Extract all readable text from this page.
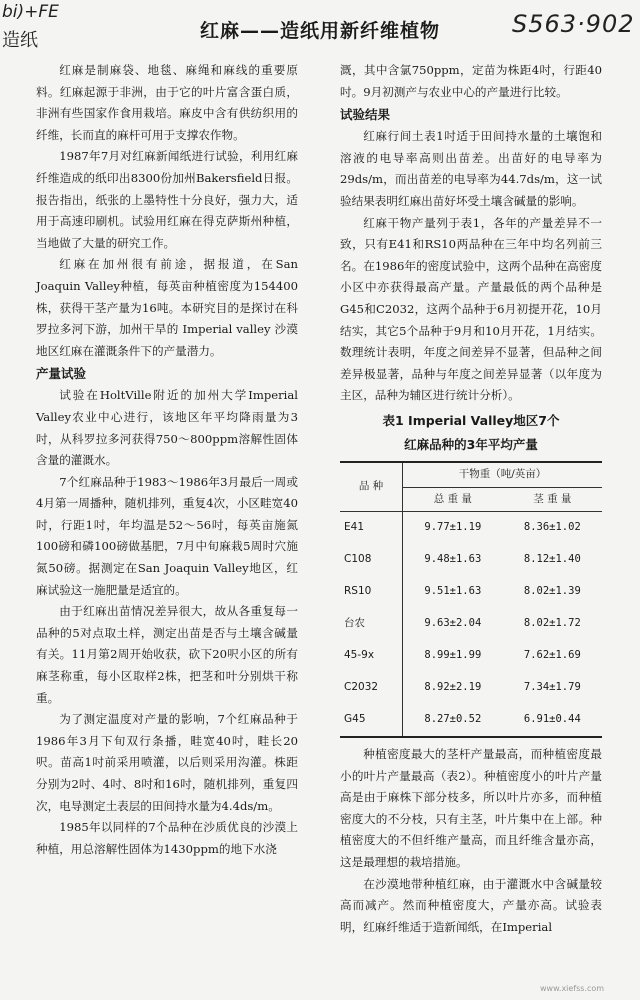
bi)+FE
造纸
S563·902
红麻——造纸用新纤维植物

红麻是制麻袋、地毯、麻绳和麻线的重要原料。红麻起源于非洲，由于它的叶片富含蛋白质，非洲有些国家作食用栽培。麻皮中含有供纺织用的纤维，长而直的麻杆可用于支撑农作物。

1987年7月对红麻新闻纸进行试验，利用红麻纤维造成的纸印出8300份加州Bakersfield日报。报告指出，纸张的上墨特性十分良好，强力大，适用于高速印刷机。试验用红麻在得克萨斯州种植，当地做了大量的研究工作。

红麻在加州很有前途，据报道，在San Joaquin Valley种植，每英亩种植密度为154400株，获得干茎产量为16吨。本研究目的是探讨在科罗拉多河下游，加州干旱的 Imperial valley 沙漠地区红麻在灌溉条件下的产量潜力。

产量试验

试验在HoltVille附近的加州大学Imperial Valley农业中心进行，该地区年平均降雨量为3吋，从科罗拉多河获得750～800ppm溶解性固体含量的灌溉水。

7个红麻品种于1983～1986年3月最后一周或4月第一周播种，随机排列，重复4次，小区畦宽40吋，行距1吋，年均温是52～56吋，每英亩施氮100磅和磷100磅做基肥，7月中旬麻栽5周时穴施氮50磅。据测定在San Joaquin Valley地区，红麻试验这一施肥量是适宜的。

由于红麻出苗情况差异很大，故从各重复每一品种的5对点取土样，测定出苗是否与土壤含碱量有关。11月第2周开始收获，砍下20呎小区的所有麻茎称重，每小区取样2株，把茎和叶分别烘干称重。

为了测定温度对产量的影响，7个红麻品种于1986年3月下旬双行条播，畦宽40吋，畦长20呎。苗高1吋前采用喷灌，以后则采用沟灌。株距分别为2吋、4吋、8吋和16吋，随机排列，重复四次，电导测定土表层的田间持水量为4.4ds/m。

1985年以同样的7个品种在沙质优良的沙漠上种植，用总溶解性固体为1430ppm的地下水浇

溉，其中含氯750ppm，定苗为株距4吋，行距40吋。9月初测产与农业中心的产量进行比较。

试验结果

红麻行间土表1吋适于田间持水量的土壤饱和溶液的电导率高则出苗差。出苗好的电导率为29ds/m，而出苗差的电导率为44.7ds/m，这一试验结果表明红麻出苗好坏受土壤含碱量的影响。

红麻干物产量列于表1，各年的产量差异不一致，只有E41和RS10两品种在三年中均名列前三名。在1986年的密度试验中，这两个品种在高密度小区中亦获得最高产量。产量最低的两个品种是G45和C2032，这两个品种于6月初提开花，10月结实，其它5个品种于9月和10月开花，1月结实。数理统计表明，年度之间差异不显著，但品种之间差异极显著，品种与年度之间差异显著（以年度为主区，品种为辅区进行统计分析）。

表1 Imperial Valley地区7个
红麻品种的3年平均产量
品 种	干物重（吨/英亩）	
	总 重 量	茎 重 量
E41	9.77±1.19	8.36±1.02
C108	9.48±1.63	8.12±1.40
RS10	9.51±1.63	8.02±1.39
台农	9.63±2.04	8.02±1.72
45-9x	8.99±1.99	7.62±1.69
C2032	8.92±2.19	7.34±1.79
G45	8.27±0.52	6.91±0.44

种植密度最大的茎杆产量最高，而种植密度最小的叶片产量最高（表2）。种植密度小的叶片产量高是由于麻株下部分枝多，所以叶片亦多，而种植密度大的不分枝，只有主茎，叶片集中在上部。种植密度大的不但纤维产量高，而且纤维含量亦高，这是最理想的栽培措施。

在沙漠地带种植红麻，由于灌溉水中含碱量较高而减产。然而种植密度大，产量亦高。试验表明，红麻纤维适于造新闻纸，在Imperial

www.xiefss.com
